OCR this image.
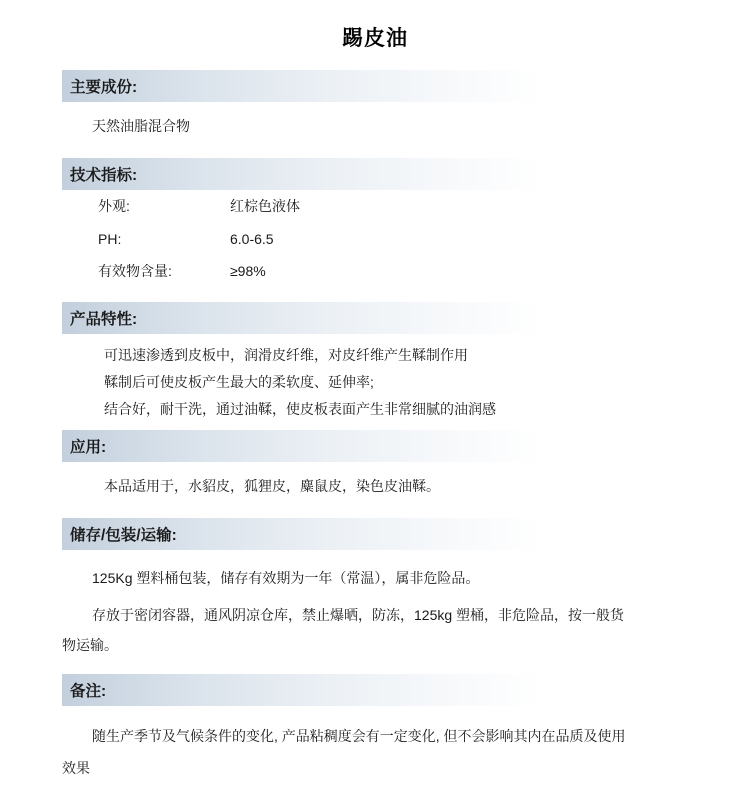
踢皮油
主要成份:
天然油脂混合物
技术指标:
外观:	红棕色液体
PH:	6.0-6.5
有效物含量:	≥98%
产品特性:
可迅速渗透到皮板中，润滑皮纤维，对皮纤维产生鞣制作用
鞣制后可使皮板产生最大的柔软度、延伸率;
结合好，耐干洗，通过油鞣，使皮板表面产生非常细腻的油润感
应用:
本品适用于，水貂皮，狐狸皮，麋鼠皮，染色皮油鞣。
储存/包装/运输:
125Kg 塑料桶包装，储存有效期为一年（常温），属非危险品。
存放于密闭容器，通风阴凉仓库，禁止爆晒，防冻，125kg 塑桶，非危险品，按一般货
物运输。
备注:
随生产季节及气候条件的变化, 产品粘稠度会有一定变化, 但不会影响其内在品质及使用
效果
